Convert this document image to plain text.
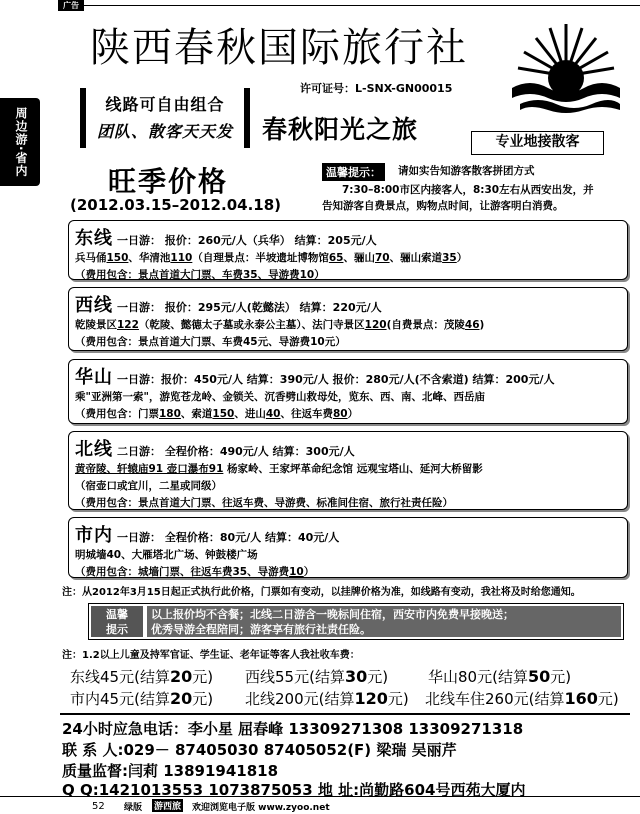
广告
周边游·省内
陕西春秋国际旅行社
许可证号：L-SNX-GN00015
线路可自由组合
团队、散客天天发	春秋阳光之旅	专业地接散客
旺季价格
(2012.03.15–2012.04.18)
温馨提示：	请如实告知游客散客拼团方式
7:30–8:00市区内接客人，8:30左右从西安出发，并
告知游客自费景点，购物点时间，让游客明白消费。
东线 一日游： 报价：260元/人（兵华） 结算：205元/人
兵马俑150、华清池110（自理景点：半坡遗址博物馆65、骊山70、骊山索道35）
（费用包含：景点首道大门票、车费35、导游费10）
西线 一日游： 报价：295元/人(乾懿法） 结算：220元/人
乾陵景区122（乾陵、懿德太子墓或永泰公主墓）、法门寺景区120(自费景点：茂陵46)
（费用包含：景点首道大门票、车费45元、导游费10元）
华山 一日游：报价：450元/人 结算：390元/人 报价：280元/人(不含索道) 结算：200元/人
乘"亚洲第一索"，游览苍龙岭、金锁关、沉香劈山救母处，览东、西、南、北峰、西岳庙
（费用包含：门票180、索道150、进山40、往返车费80）
北线 二日游： 全程价格：490元/人 结算：300元/人
黄帝陵、轩辕庙91 壶口瀑布91 杨家岭、王家坪革命纪念馆 远观宝塔山、延河大桥留影
（宿壶口或宜川，二星或同级）
（费用包含：景点首道大门票、往返车费、导游费、标准间住宿、旅行社责任险）
市内 一日游： 全程价格：80元/人 结算：40元/人
明城墙40、大雁塔北广场、钟鼓楼广场
（费用包含：城墙门票、往返车费35、导游费10）
注：从2012年3月15日起正式执行此价格，门票如有变动，以挂牌价格为准，如线路有变动，我社将及时给您通知。
温馨
提示
以上报价均不含餐；北线二日游含一晚标间住宿，西安市内免费早接晚送；
优秀导游全程陪同；游客享有旅行社责任险。
注：1.2以上儿童及持军官证、学生证、老年证等客人我社收车费：
东线45元(结算20元) 西线55元(结算30元)	华山80元(结算50元)
市内45元(结算20元) 北线200元(结算120元) 北线车住260元(结算160元)
24小时应急电话：李小星 屈春峰 13309271308 13309271318
联 系 人:029－ 87405030 87405052(F) 梁瑞 吴丽芹
质量监督:闫莉 13891941818
Q Q:1421013553 1073875053 地 址:尚勤路604号西苑大厦内
52 绿版 游西旅 欢迎浏览电子版 www.zyoo.net
